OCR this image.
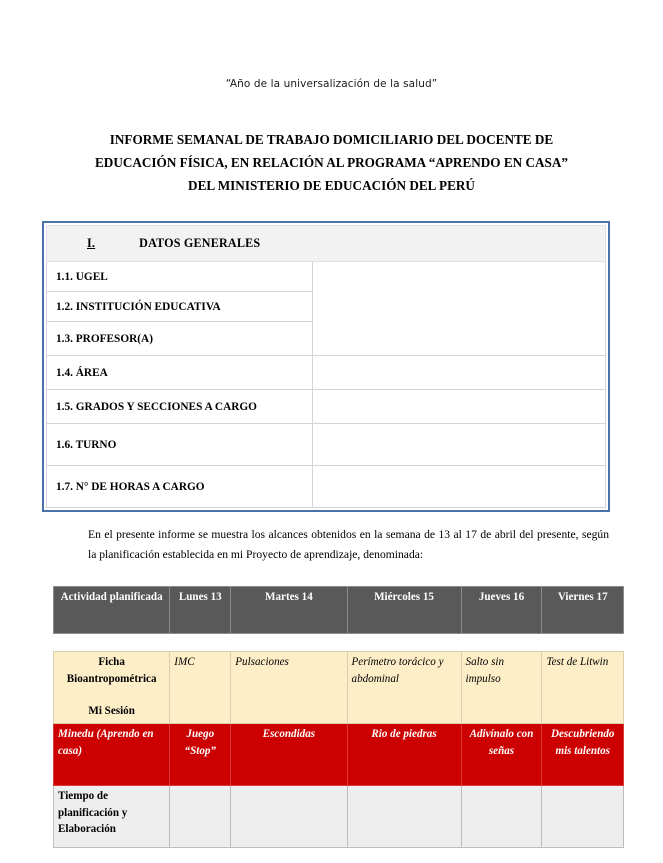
“Año de la universalización de la salud”
INFORME SEMANAL DE TRABAJO DOMICILIARIO DEL DOCENTE DE
EDUCACIÓN FÍSICA, EN RELACIÓN AL PROGRAMA “APRENDO EN CASA”
DEL MINISTERIO DE EDUCACIÓN DEL PERÚ
I. DATOS GENERALES	
1.1. UGEL	
1.2. INSTITUCIÓN EDUCATIVA	
1.3. PROFESOR(A)	
1.4. ÁREA	
1.5. GRADOS Y SECCIONES A CARGO	
1.6. TURNO	
1.7. N° DE HORAS A CARGO	
En el presente informe se muestra los alcances obtenidos en la semana de 13 al 17 de abril del presente, según la planificación establecida en mi Proyecto de aprendizaje, denominada:
Actividad planificada	Lunes 13	Martes 14	Miércoles 15	Jueves 16	Viernes 17
Ficha
Bioantropométrica
Mi Sesión	IMC	Pulsaciones	Perímetro torácico y abdominal	Salto sin impulso	Test de Litwin
Minedu (Aprendo en casa)	Juego “Stop”	Escondidas	Rio de piedras	Adivínalo con señas	Descubriendo mis talentos
Tiempo de planificación y Elaboración					
